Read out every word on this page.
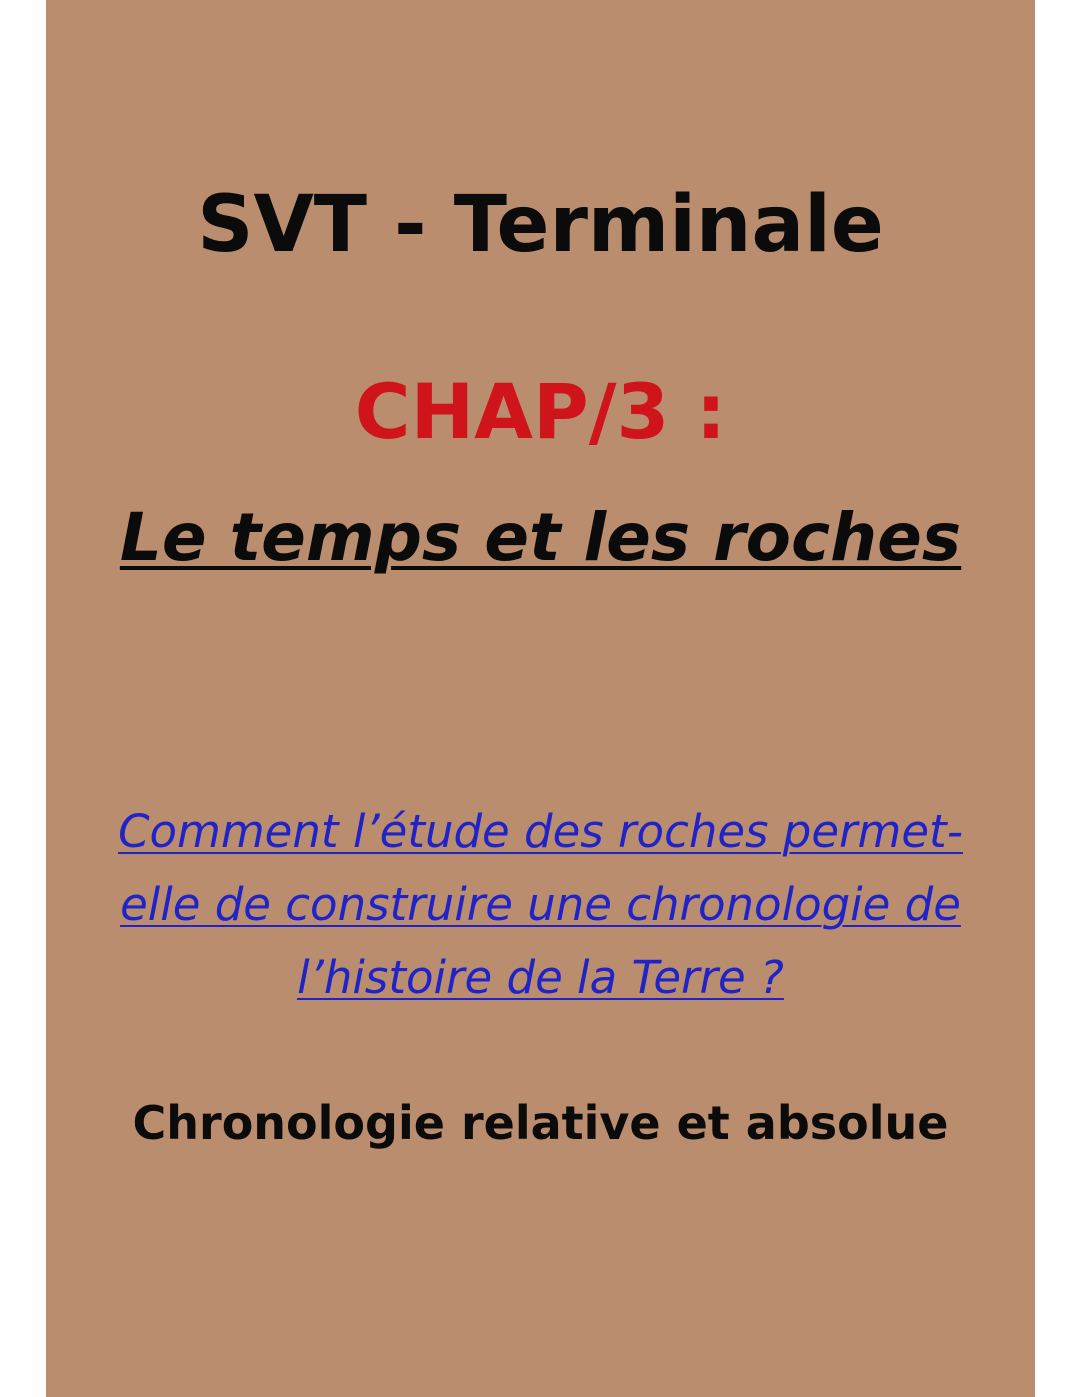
SVT - Terminale
CHAP/3 :
Le temps et les roches

Comment l’étude des roches permet-elle de construire une chronologie de l’histoire de la Terre ?

Chronologie relative et absolue
